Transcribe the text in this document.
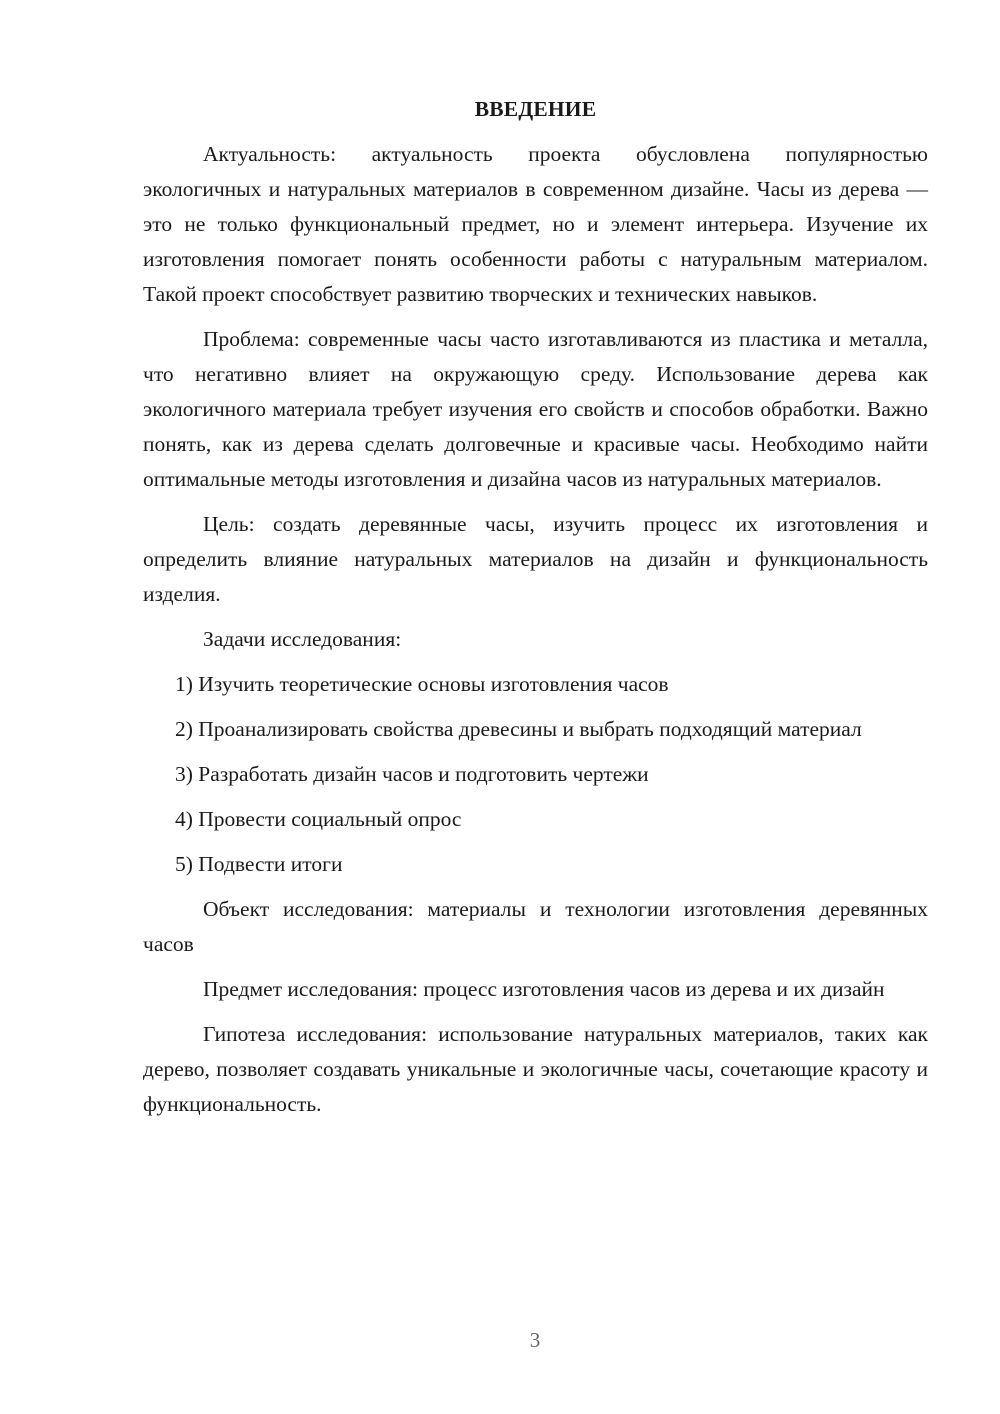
ВВЕДЕНИЕ

Актуальность: актуальность проекта обусловлена популярностью экологичных и натуральных материалов в современном дизайне. Часы из дерева — это не только функциональный предмет, но и элемент интерьера. Изучение их изготовления помогает понять особенности работы с натуральным материалом. Такой проект способствует развитию творческих и технических навыков.

Проблема: современные часы часто изготавливаются из пластика и металла, что негативно влияет на окружающую среду. Использование дерева как экологичного материала требует изучения его свойств и способов обработки. Важно понять, как из дерева сделать долговечные и красивые часы. Необходимо найти оптимальные методы изготовления и дизайна часов из натуральных материалов.

Цель: создать деревянные часы, изучить процесс их изготовления и определить влияние натуральных материалов на дизайн и функциональность изделия.

Задачи исследования:

1) Изучить теоретические основы изготовления часов

2) Проанализировать свойства древесины и выбрать подходящий материал

3) Разработать дизайн часов и подготовить чертежи

4) Провести социальный опрос

5) Подвести итоги

Объект исследования: материалы и технологии изготовления деревянных часов

Предмет исследования: процесс изготовления часов из дерева и их дизайн

Гипотеза исследования: использование натуральных материалов, таких как дерево, позволяет создавать уникальные и экологичные часы, сочетающие красоту и функциональность.

3
